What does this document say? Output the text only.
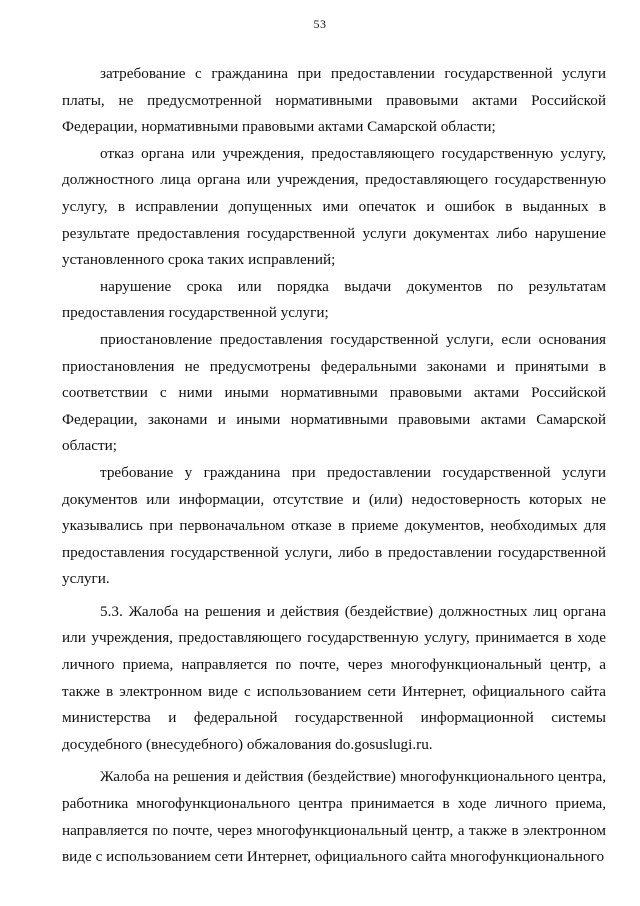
53

затребование с гражданина при предоставлении государственной услуги платы, не предусмотренной нормативными правовыми актами Российской Федерации, нормативными правовыми актами Самарской области;

отказ органа или учреждения, предоставляющего государственную услугу, должностного лица органа или учреждения, предоставляющего государственную услугу, в исправлении допущенных ими опечаток и ошибок в выданных в результате предоставления государственной услуги документах либо нарушение установленного срока таких исправлений;

нарушение срока или порядка выдачи документов по результатам предоставления государственной услуги;

приостановление предоставления государственной услуги, если основания приостановления не предусмотрены федеральными законами и принятыми в соответствии с ними иными нормативными правовыми актами Российской Федерации, законами и иными нормативными правовыми актами Самарской области;

требование у гражданина при предоставлении государственной услуги документов или информации, отсутствие и (или) недостоверность которых не указывались при первоначальном отказе в приеме документов, необходимых для предоставления государственной услуги, либо в предоставлении государственной услуги.

5.3. Жалоба на решения и действия (бездействие) должностных лиц органа или учреждения, предоставляющего государственную услугу, принимается в ходе личного приема, направляется по почте, через многофункциональный центр, а также в электронном виде с использованием сети Интернет, официального сайта министерства и федеральной государственной информационной системы досудебного (внесудебного) обжалования do.gosuslugi.ru.

Жалоба на решения и действия (бездействие) многофункционального центра, работника многофункционального центра принимается в ходе личного приема, направляется по почте, через многофункциональный центр, а также в электронном виде с использованием сети Интернет, официального сайта многофункционального
